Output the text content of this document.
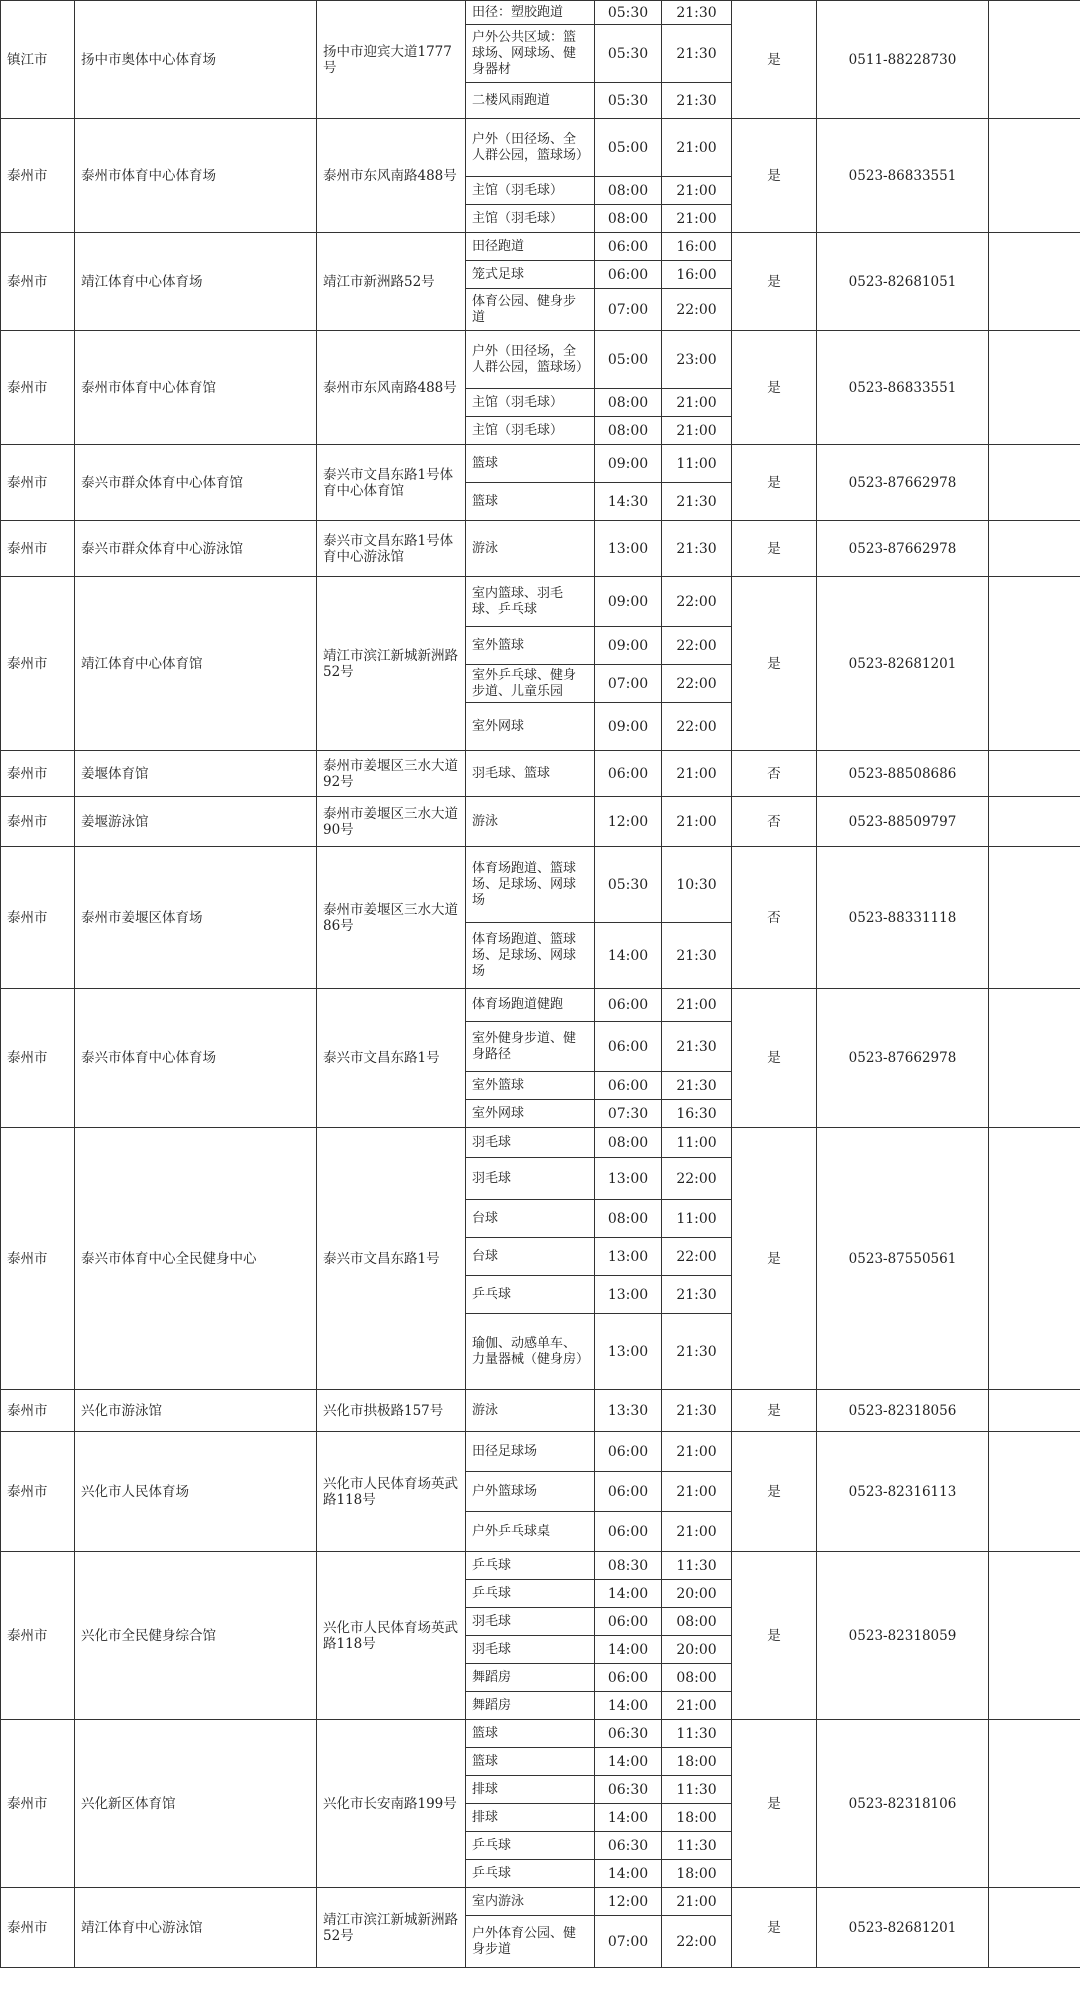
镇江市	扬中市奥体中心体育场	扬中市迎宾大道1777号	田径：塑胶跑道	05:30	21:30	是	0511-88228730	
			户外公共区域：篮球场、网球场、健身器材	05:30	21:30			
			二楼风雨跑道	05:30	21:30			
泰州市	泰州市体育中心体育场	泰州市东风南路488号	户外（田径场、全人群公园，篮球场）	05:00	21:00	是	0523-86833551	
			主馆（羽毛球）	08:00	21:00			
			主馆（羽毛球）	08:00	21:00			
泰州市	靖江体育中心体育场	靖江市新洲路52号	田径跑道	06:00	16:00	是	0523-82681051	
			笼式足球	06:00	16:00			
			体育公园、健身步道	07:00	22:00			
泰州市	泰州市体育中心体育馆	泰州市东风南路488号	户外（田径场，全人群公园，篮球场）	05:00	23:00	是	0523-86833551	
			主馆（羽毛球）	08:00	21:00			
			主馆（羽毛球）	08:00	21:00			
泰州市	泰兴市群众体育中心体育馆	泰兴市文昌东路1号体育中心体育馆	篮球	09:00	11:00	是	0523-87662978	
			篮球	14:30	21:30			
泰州市	泰兴市群众体育中心游泳馆	泰兴市文昌东路1号体育中心游泳馆	游泳	13:00	21:30	是	0523-87662978	
泰州市	靖江体育中心体育馆	靖江市滨江新城新洲路52号	室内篮球、羽毛球、乒乓球	09:00	22:00	是	0523-82681201	
			室外篮球	09:00	22:00			
			室外乒乓球、健身步道、儿童乐园	07:00	22:00			
			室外网球	09:00	22:00			
泰州市	姜堰体育馆	泰州市姜堰区三水大道92号	羽毛球、篮球	06:00	21:00	否	0523-88508686	
泰州市	姜堰游泳馆	泰州市姜堰区三水大道90号	游泳	12:00	21:00	否	0523-88509797	
泰州市	泰州市姜堰区体育场	泰州市姜堰区三水大道86号	体育场跑道、篮球场、足球场、网球场	05:30	10:30	否	0523-88331118	
			体育场跑道、篮球场、足球场、网球场	14:00	21:30			
泰州市	泰兴市体育中心体育场	泰兴市文昌东路1号	体育场跑道健跑	06:00	21:00	是	0523-87662978	
			室外健身步道、健身路径	06:00	21:30			
			室外篮球	06:00	21:30			
			室外网球	07:30	16:30			
泰州市	泰兴市体育中心全民健身中心	泰兴市文昌东路1号	羽毛球	08:00	11:00	是	0523-87550561	
			羽毛球	13:00	22:00			
			台球	08:00	11:00			
			台球	13:00	22:00			
			乒乓球	13:00	21:30			
			瑜伽、动感单车、力量器械（健身房）	13:00	21:30			
泰州市	兴化市游泳馆	兴化市拱极路157号	游泳	13:30	21:30	是	0523-82318056	
泰州市	兴化市人民体育场	兴化市人民体育场英武路118号	田径足球场	06:00	21:00	是	0523-82316113	
			户外篮球场	06:00	21:00			
			户外乒乓球桌	06:00	21:00			
泰州市	兴化市全民健身综合馆	兴化市人民体育场英武路118号	乒乓球	08:30	11:30	是	0523-82318059	
			乒乓球	14:00	20:00			
			羽毛球	06:00	08:00			
			羽毛球	14:00	20:00			
			舞蹈房	06:00	08:00			
			舞蹈房	14:00	21:00			
泰州市	兴化新区体育馆	兴化市长安南路199号	篮球	06:30	11:30	是	0523-82318106	
			篮球	14:00	18:00			
			排球	06:30	11:30			
			排球	14:00	18:00			
			乒乓球	06:30	11:30			
			乒乓球	14:00	18:00			
泰州市	靖江体育中心游泳馆	靖江市滨江新城新洲路52号	室内游泳	12:00	21:00	是	0523-82681201	
			户外体育公园、健身步道	07:00	22:00			
